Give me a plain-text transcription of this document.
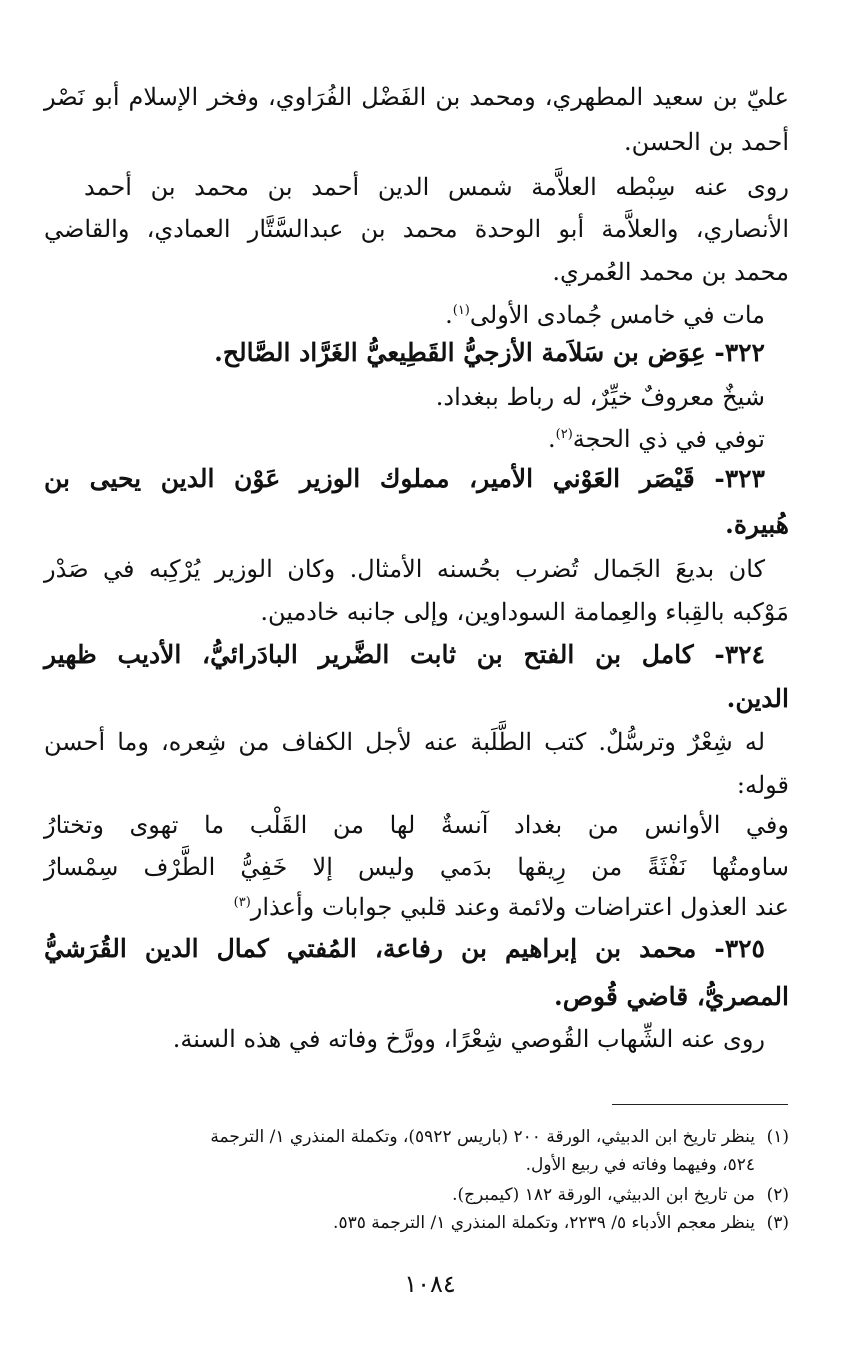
عليّ بن سعيد المطهري، ومحمد بن الفَضْل الفُرَاوي، وفخر الإسلام أبو نَصْر

أحمد بن الحسن.

روى عنه سِبْطه العلاَّمة شمس الدين أحمد بن محمد بن أحمد

الأنصاري، والعلاَّمة أبو الوحدة محمد بن عبدالسَّتَّار العمادي، والقاضي

محمد بن محمد العُمري.

مات في خامس جُمادى الأولى$^{(١)}$.

٣٢٢- عِوَض بن سَلاَمة الأزجيُّ القَطِيعيُّ الغَرَّاد الصَّالح.

شيخٌ معروفٌ خيِّرٌ، له رباط ببغداد.

توفي في ذي الحجة$^{(٢)}$.

٣٢٣- قَيْصَر العَوْني الأمير، مملوك الوزير عَوْن الدين يحيى بن

هُبيرة.

كان بديعَ الجَمال تُضرب بحُسنه الأمثال. وكان الوزير يُرْكِبه في صَدْر

مَوْكبه بالقِباء والعِمامة السوداوين، وإلى جانبه خادمين.

٣٢٤- كامل بن الفتح بن ثابت الضَّرير البادَرائيُّ، الأديب ظهير

الدين.

له شِعْرٌ وترسُّلٌ. كتب الطَّلَبة عنه لأجل الكفاف من شِعره، وما أحسن

قوله:

وفي الأوانس من بغداد آنسةٌ لها من القَلْب ما تهوى وتختارُ

ساومتُها نَفْثَةً من رِيقها بدَمي وليس إلا خَفِيُّ الطَّرْف سِمْسارُ

عند العذول اعتراضات ولائمة وعند قلبي جوابات وأعذار$^{(٣)}$

٣٢٥- محمد بن إبراهيم بن رفاعة، المُفتي كمال الدين القُرَشيُّ

المصريُّ، قاضي قُوص.

روى عنه الشِّهاب القُوصي شِعْرًا، وورَّخ وفاته في هذه السنة.

(١)ينظر تاريخ ابن الدبيثي، الورقة ٢٠٠ (باريس ٥٩٢٢)، وتكملة المنذري ١/ الترجمة

٥٢٤، وفيهما وفاته في ربيع الأول.

(٢)من تاريخ ابن الدبيثي، الورقة ١٨٢ (كيمبرج).

(٣)ينظر معجم الأدباء ٥/ ٢٢٣٩، وتكملة المنذري ١/ الترجمة ٥٣٥.

١٠٨٤
